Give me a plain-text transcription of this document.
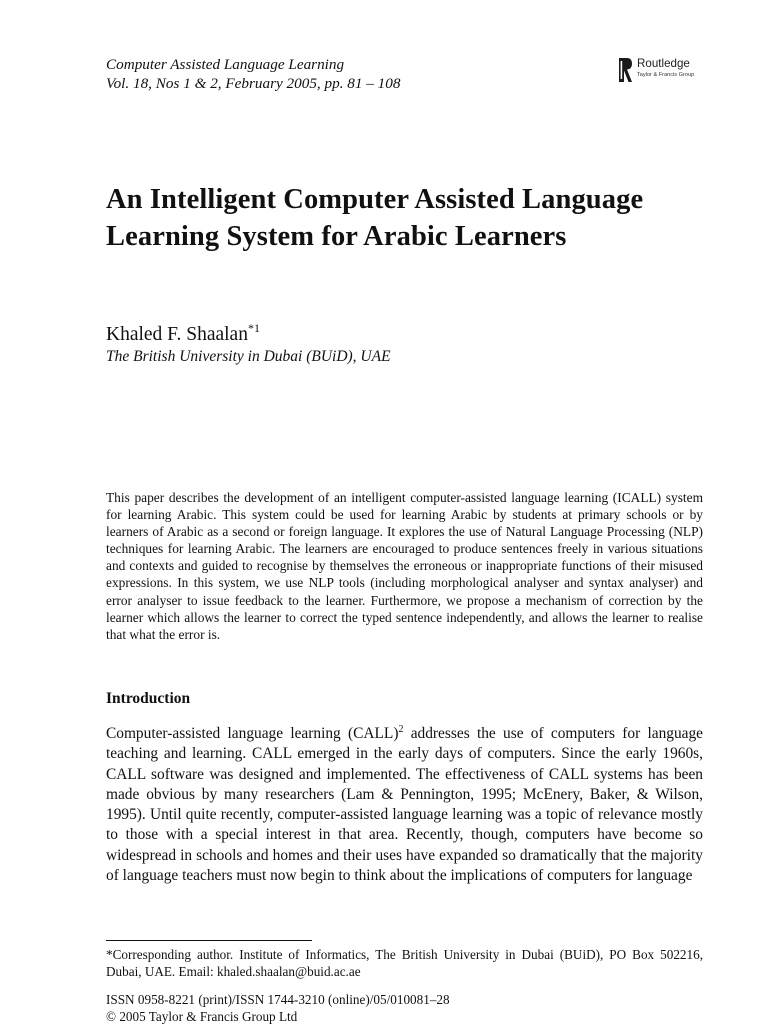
Computer Assisted Language Learning
Vol. 18, Nos 1 & 2, February 2005, pp. 81 – 108
Routledge
Taylor & Francis Group
An Intelligent Computer Assisted Language Learning System for Arabic Learners
Khaled F. Shaalan$^{*1}$
The British University in Dubai (BUiD), UAE

This paper describes the development of an intelligent computer-assisted language learning (ICALL) system for learning Arabic. This system could be used for learning Arabic by students at primary schools or by learners of Arabic as a second or foreign language. It explores the use of Natural Language Processing (NLP) techniques for learning Arabic. The learners are encouraged to produce sentences freely in various situations and contexts and guided to recognise by themselves the erroneous or inappropriate functions of their misused expressions. In this system, we use NLP tools (including morphological analyser and syntax analyser) and error analyser to issue feedback to the learner. Furthermore, we propose a mechanism of correction by the learner which allows the learner to correct the typed sentence independently, and allows the learner to realise that what the error is.

Introduction

Computer-assisted language learning (CALL)$^2$ addresses the use of computers for language teaching and learning. CALL emerged in the early days of computers. Since the early 1960s, CALL software was designed and implemented. The effectiveness of CALL systems has been made obvious by many researchers (Lam & Pennington, 1995; McEnery, Baker, & Wilson, 1995). Until quite recently, computer-assisted language learning was a topic of relevance mostly to those with a special interest in that area. Recently, though, computers have become so widespread in schools and homes and their uses have expanded so dramatically that the majority of language teachers must now begin to think about the implications of computers for language

*Corresponding author. Institute of Informatics, The British University in Dubai (BUiD), PO Box 502216, Dubai, UAE. Email: khaled.shaalan@buid.ac.ae

ISSN 0958-8221 (print)/ISSN 1744-3210 (online)/05/010081–28
© 2005 Taylor & Francis Group Ltd
